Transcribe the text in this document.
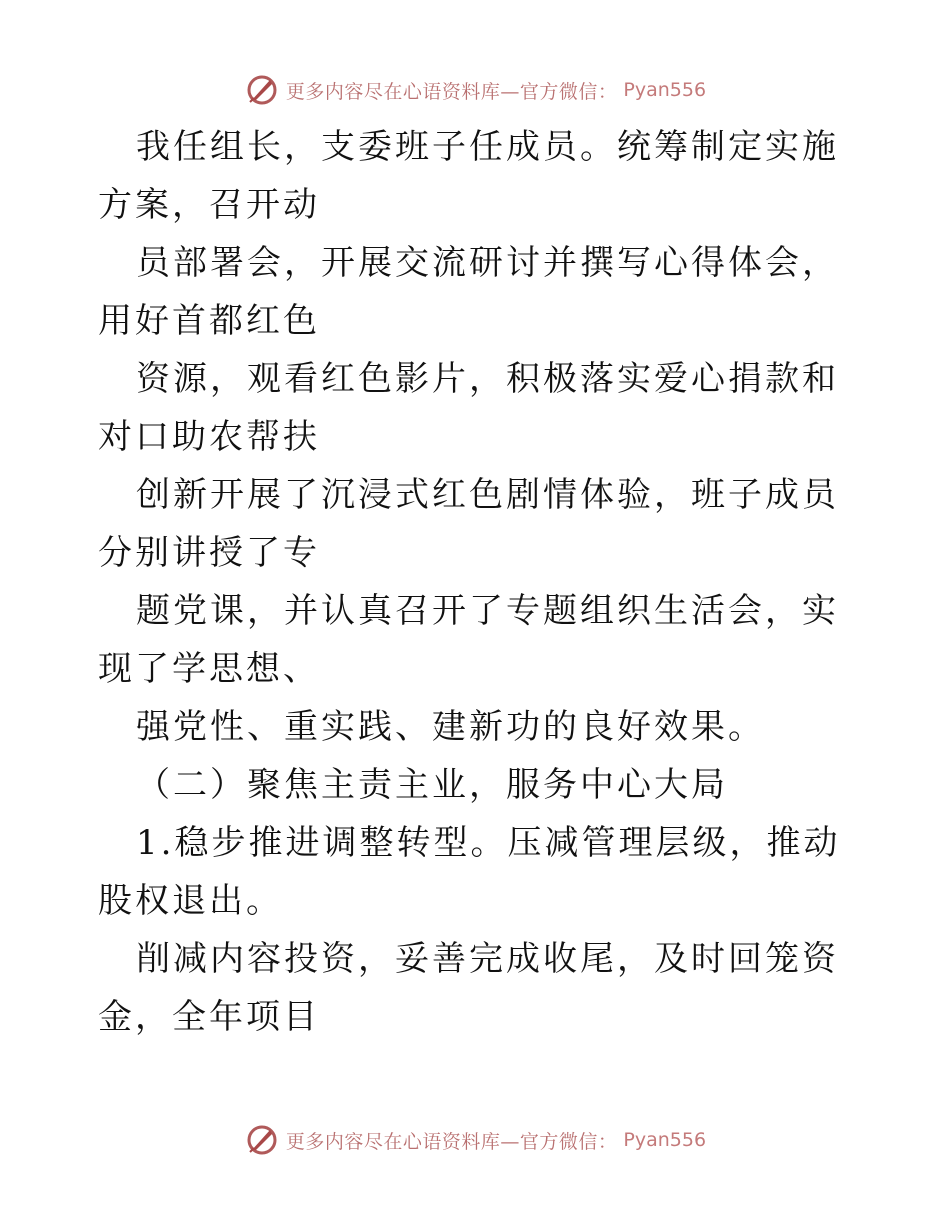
更多内容尽在心语资料库—官方微信： Pyan556

我任组长，支委班子任成员。统筹制定实施方案，召开动

员部署会，开展交流研讨并撰写心得体会，用好首都红色

资源，观看红色影片，积极落实爱心捐款和对口助农帮扶

创新开展了沉浸式红色剧情体验，班子成员分别讲授了专

题党课，并认真召开了专题组织生活会，实现了学思想、

强党性、重实践、建新功的良好效果。

（二）聚焦主责主业，服务中心大局

1.稳步推进调整转型。压减管理层级，推动股权退出。

削减内容投资，妥善完成收尾，及时回笼资金，全年项目

更多内容尽在心语资料库—官方微信： Pyan556
